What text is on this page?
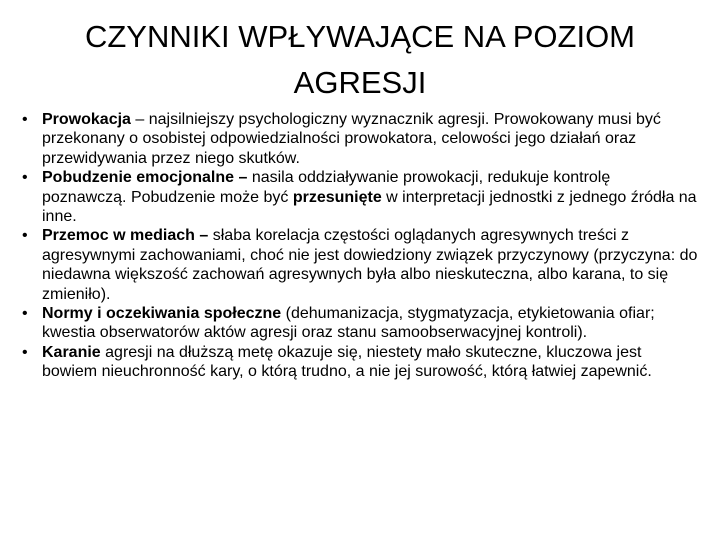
CZYNNIKI WPŁYWAJĄCE NA POZIOM
AGRESJI
• Prowokacja – najsilniejszy psychologiczny wyznacznik agresji. Prowokowany musi być przekonany o osobistej odpowiedzialności prowokatora, celowości jego działań oraz przewidywania przez niego skutków.
• Pobudzenie emocjonalne – nasila oddziaływanie prowokacji, redukuje kontrolę poznawczą. Pobudzenie może być przesunięte w interpretacji jednostki z jednego źródła na inne.
• Przemoc w mediach – słaba korelacja częstości oglądanych agresywnych treści z agresywnymi zachowaniami, choć nie jest dowiedziony związek przyczynowy (przyczyna: do niedawna większość zachowań agresywnych była albo nieskuteczna, albo karana, to się zmieniło).
• Normy i oczekiwania społeczne (dehumanizacja, stygmatyzacja, etykietowania ofiar; kwestia obserwatorów aktów agresji oraz stanu samoobserwacyjnej kontroli).
• Karanie agresji na dłuższą metę okazuje się, niestety mało skuteczne, kluczowa jest bowiem nieuchronność kary, o którą trudno, a nie jej surowość, którą łatwiej zapewnić.
